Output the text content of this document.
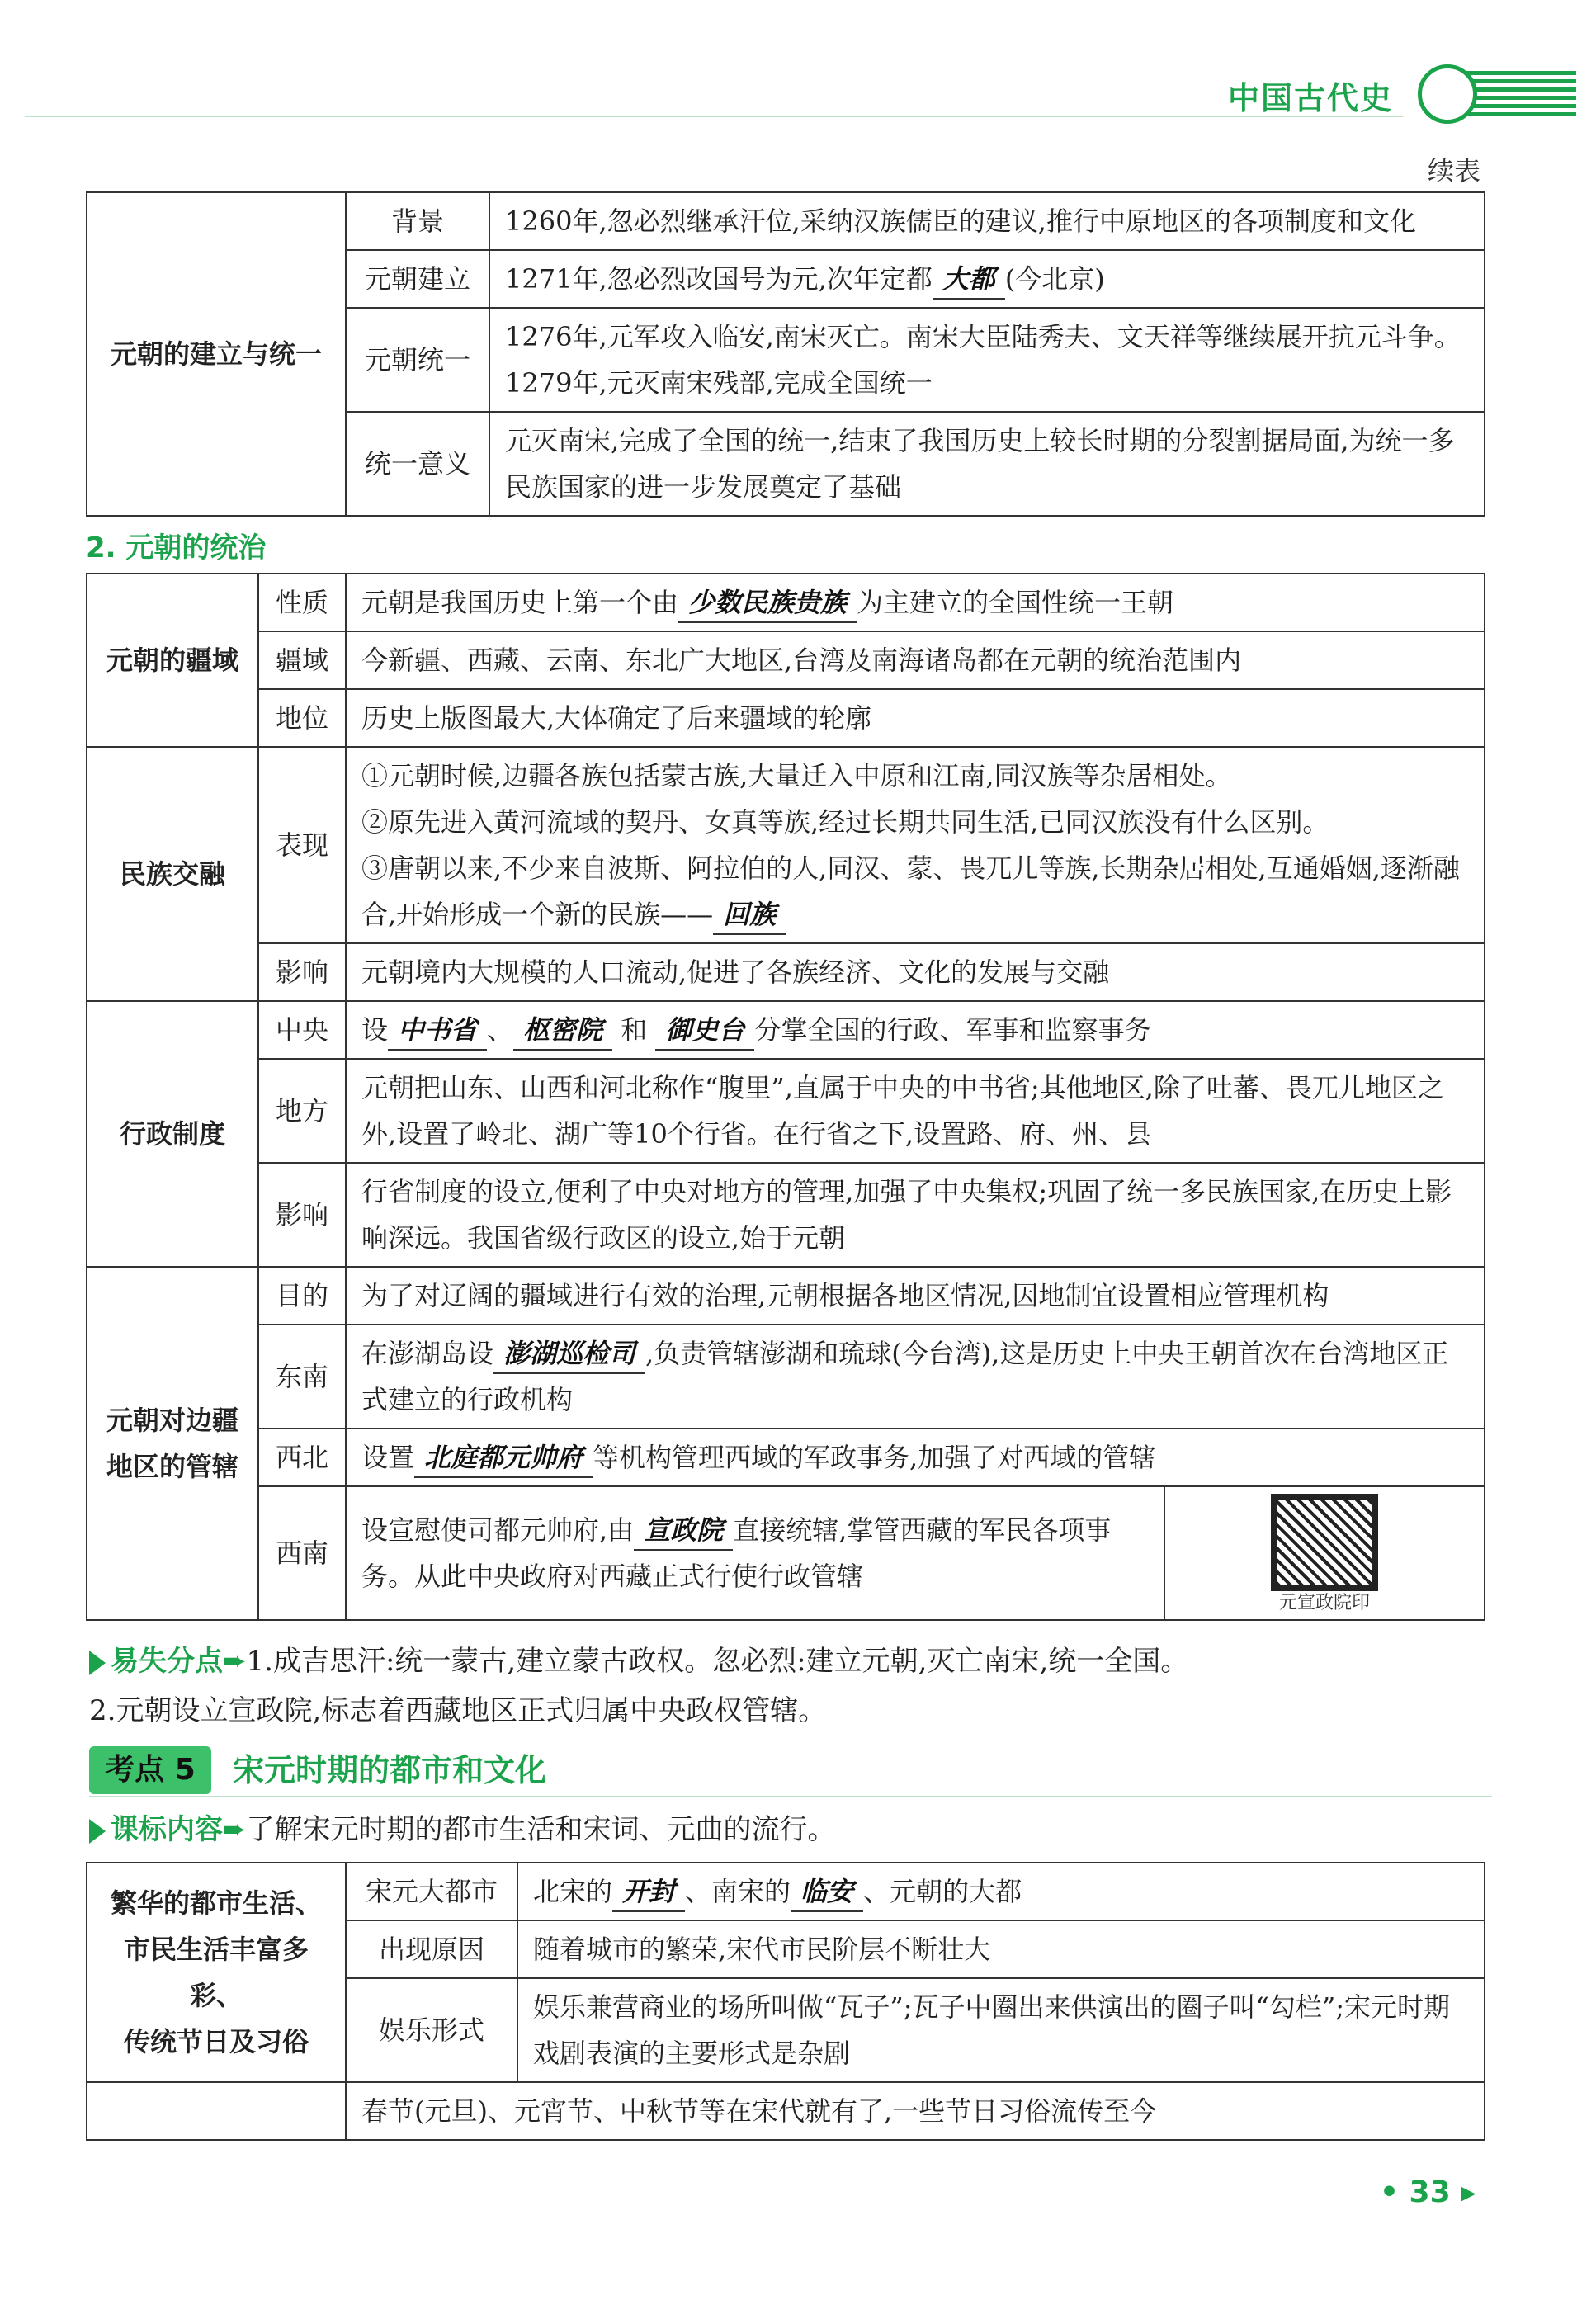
中国古代史
续表
元朝的建立与统一	背景	1260年,忽必烈继承汗位,采纳汉族儒臣的建议,推行中原地区的各项制度和文化
	元朝建立	1271年,忽必烈改国号为元,次年定都 大都 (今北京)
	元朝统一	1276年,元军攻入临安,南宋灭亡。南宋大臣陆秀夫、文天祥等继续展开抗元斗争。1279年,元灭南宋残部,完成全国统一
	统一意义	元灭南宋,完成了全国的统一,结束了我国历史上较长时期的分裂割据局面,为统一多民族国家的进一步发展奠定了基础
2. 元朝的统治
元朝的疆域	性质	元朝是我国历史上第一个由 少数民族贵族 为主建立的全国性统一王朝	
	疆域	今新疆、西藏、云南、东北广大地区,台湾及南海诸岛都在元朝的统治范围内	
	地位	历史上版图最大,大体确定了后来疆域的轮廓	
民族交融	表现	①元朝时候,边疆各族包括蒙古族,大量迁入中原和江南,同汉族等杂居相处。
②原先进入黄河流域的契丹、女真等族,经过长期共同生活,已同汉族没有什么区别。
③唐朝以来,不少来自波斯、阿拉伯的人,同汉、蒙、畏兀儿等族,长期杂居相处,互通婚姻,逐渐融合,开始形成一个新的民族—— 回族	

	影响	元朝境内大规模的人口流动,促进了各族经济、文化的发展与交融	
行政制度	中央	设 中书省 、 枢密院 和 御史台 分掌全国的行政、军事和监察事务	
	地方	元朝把山东、山西和河北称作“腹里”,直属于中央的中书省;其他地区,除了吐蕃、畏兀儿地区之外,设置了岭北、湖广等10个行省。在行省之下,设置路、府、州、县	
	影响	行省制度的设立,便利了中央对地方的管理,加强了中央集权;巩固了统一多民族国家,在历史上影响深远。我国省级行政区的设立,始于元朝	

元朝对边疆
地区的管辖	目的	为了对辽阔的疆域进行有效的治理,元朝根据各地区情况,因地制宜设置相应管理机构	
	东南	在澎湖岛设 澎湖巡检司 ,负责管辖澎湖和琉球(今台湾),这是历史上中央王朝首次在台湾地区正式建立的行政机构	
	西北	设置 北庭都元帅府 等机构管理西域的军政事务,加强了对西域的管辖	
	西南	设宣慰使司都元帅府,由 宣政院 直接统辖,掌管西藏的军民各项事务。从此中央政府对西藏正式行使行政管辖	元宣政院印
易失分点➨1.成吉思汗:统一蒙古,建立蒙古政权。忽必烈:建立元朝,灭亡南宋,统一全国。
2.元朝设立宣政院,标志着西藏地区正式归属中央政权管辖。
考点 5	宋元时期的都市和文化
课标内容➨了解宋元时期的都市生活和宋词、元曲的流行。
繁华的都市生活、
市民生活丰富多彩、
传统节日及习俗	宋元大都市	北宋的 开封 、南宋的 临安 、元朝的大都
	出现原因	随着城市的繁荣,宋代市民阶层不断壮大
	娱乐形式	娱乐兼营商业的场所叫做“瓦子”;瓦子中圈出来供演出的圈子叫“勾栏”;宋元时期戏剧表演的主要形式是杂剧
	春节(元旦)、元宵节、中秋节等在宋代就有了,一些节日习俗流传至今	
• 33 ▸
